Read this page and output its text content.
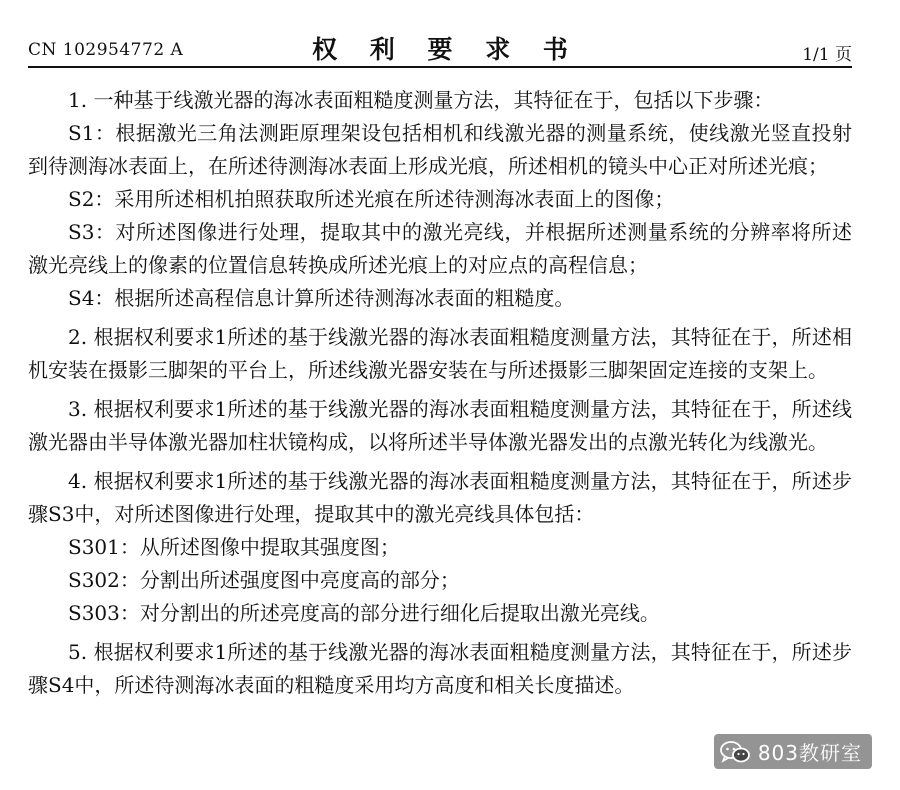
CN 102954772 A	权 利 要 求 书	1/1 页

1. 一种基于线激光器的海冰表面粗糙度测量方法，其特征在于，包括以下步骤：

S1：根据激光三角法测距原理架设包括相机和线激光器的测量系统，使线激光竖直投射到待测海冰表面上，在所述待测海冰表面上形成光痕，所述相机的镜头中心正对所述光痕；

S2：采用所述相机拍照获取所述光痕在所述待测海冰表面上的图像；

S3：对所述图像进行处理，提取其中的激光亮线，并根据所述测量系统的分辨率将所述激光亮线上的像素的位置信息转换成所述光痕上的对应点的高程信息；

S4：根据所述高程信息计算所述待测海冰表面的粗糙度。

2. 根据权利要求1所述的基于线激光器的海冰表面粗糙度测量方法，其特征在于，所述相机安装在摄影三脚架的平台上，所述线激光器安装在与所述摄影三脚架固定连接的支架上。

3. 根据权利要求1所述的基于线激光器的海冰表面粗糙度测量方法，其特征在于，所述线激光器由半导体激光器加柱状镜构成，以将所述半导体激光器发出的点激光转化为线激光。

4. 根据权利要求1所述的基于线激光器的海冰表面粗糙度测量方法，其特征在于，所述步骤S3中，对所述图像进行处理，提取其中的激光亮线具体包括：

S301：从所述图像中提取其强度图；

S302：分割出所述强度图中亮度高的部分；

S303：对分割出的所述亮度高的部分进行细化后提取出激光亮线。

5. 根据权利要求1所述的基于线激光器的海冰表面粗糙度测量方法，其特征在于，所述步骤S4中，所述待测海冰表面的粗糙度采用均方高度和相关长度描述。

803教研室
